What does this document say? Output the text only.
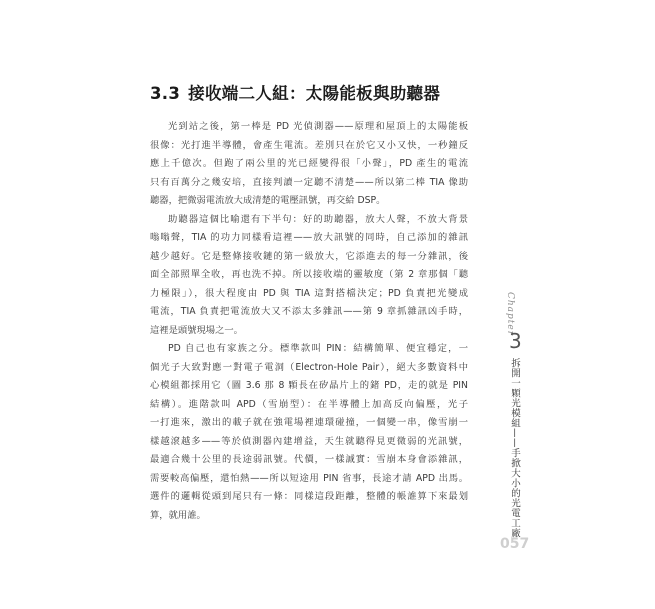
3.3 接收端二人組：太陽能板與助聽器

光到站之後，第一棒是 PD 光偵測器——原理和屋頂上的太陽能板
很像：光打進半導體，會產生電流。差別只在於它又小又快，一秒鐘反
應上千億次。但跑了兩公里的光已經變得很「小聲」，PD 產生的電流
只有百萬分之幾安培，直接判讀一定聽不清楚——所以第二棒 TIA 像助
聽器，把微弱電流放大成清楚的電壓訊號，再交給 DSP。

助聽器這個比喻還有下半句：好的助聽器，放大人聲，不放大背景
嗡嗡聲，TIA 的功力同樣看這裡——放大訊號的同時，自己添加的雜訊
越少越好。它是整條接收鏈的第一級放大，它添進去的每一分雜訊，後
面全部照單全收，再也洗不掉。所以接收端的靈敏度（第 2 章那個「聽
力極限」），很大程度由 PD 與 TIA 這對搭檔決定；PD 負責把光變成
電流，TIA 負責把電流放大又不添太多雜訊——第 9 章抓雜訊凶手時，
這裡是頭號現場之一。

PD 自己也有家族之分。標準款叫 PIN：結構簡單、便宜穩定，一
個光子大致對應一對電子電洞（Electron-Hole Pair），絕大多數資料中
心模組都採用它（圖 3.6 那 8 顆長在矽晶片上的鍺 PD，走的就是 PIN
結構）。進階款叫 APD（雪崩型）：在半導體上加高反向偏壓，光子
一打進來，激出的載子就在強電場裡連環碰撞，一個變一串，像雪崩一
樣越滾越多——等於偵測器內建增益，天生就聽得見更微弱的光訊號，
最適合幾十公里的長途弱訊號。代價，一樣誠實：雪崩本身會添雜訊，
需要較高偏壓，還怕熱——所以短途用 PIN 省事，長途才請 APD 出馬。
選件的邏輯從頭到尾只有一條：同樣這段距離，整體的帳誰算下來最划
算，就用誰。

Chapter
3
拆開一顆光模組——手掀大小的光電工廠
057
